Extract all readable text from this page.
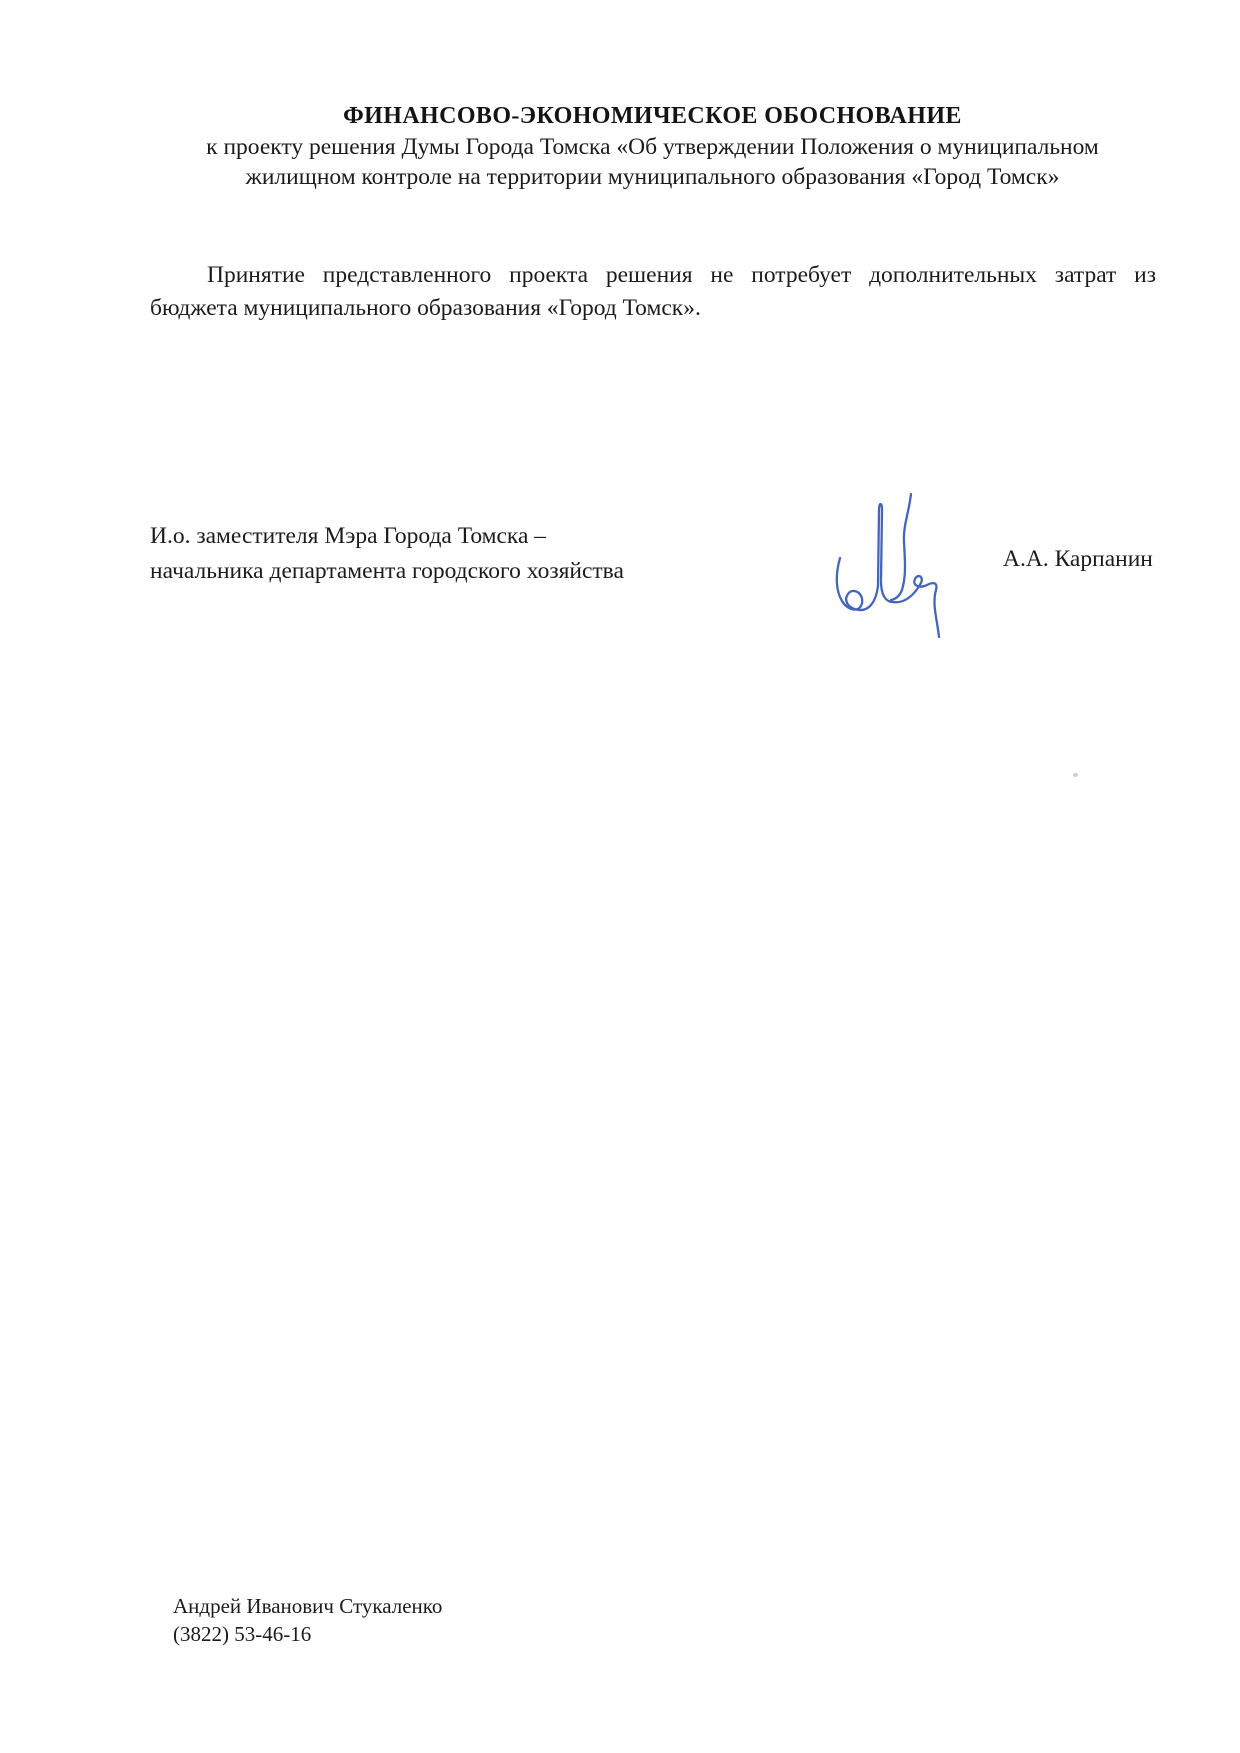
ФИНАНСОВО-ЭКОНОМИЧЕСКОЕ ОБОСНОВАНИЕ
к проекту решения Думы Города Томска «Об утверждении Положения о муниципальном
жилищном контроле на территории муниципального образования «Город Томск»
Принятие представленного проекта решения не потребует дополнительных затрат из
бюджета муниципального образования «Город Томск».
И.о. заместителя Мэра Города Томска –
начальника департамента городского хозяйства	А.А. Карпанин
Андрей Иванович Стукаленко
(3822) 53-46-16
